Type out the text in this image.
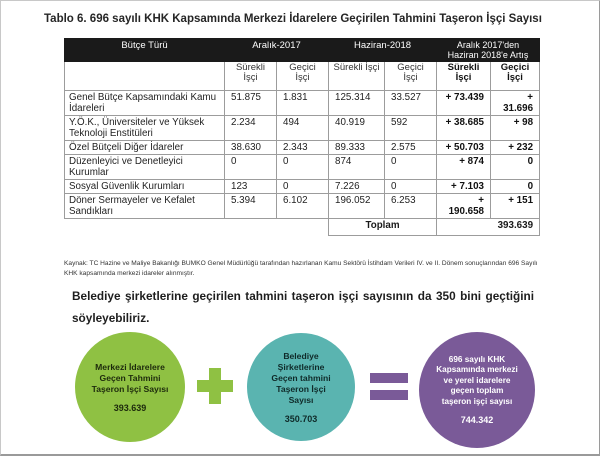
Tablo 6. 696 sayılı KHK Kapsamında Merkezi İdarelere Geçirilen Tahmini Taşeron İşçi Sayısı
Bütçe Türü	Aralık-2017		Haziran-2018		Aralık 2017'den
Haziran 2018'e Artış	
	Sürekli İşçi	Geçici İşçi	Sürekli İşçi	Geçici İşçi	Sürekli İşçi	Geçici İşçi
Genel Bütçe Kapsamındaki Kamu İdareleri	51.875	1.831	125.314	33.527	+ 73.439	+ 31.696
Y.Ö.K., Üniversiteler ve Yüksek Teknoloji Enstitüleri	2.234	494	40.919	592	+ 38.685	+ 98
Özel Bütçeli Diğer İdareler	38.630	2.343	89.333	2.575	+ 50.703	+ 232
Düzenleyici ve Denetleyici Kurumlar	0	0	874	0	+ 874	0
Sosyal Güvenlik Kurumları	123	0	7.226	0	+ 7.103	0
Döner Sermayeler ve Kefalet Sandıkları	5.394	6.102	196.052	6.253	+ 190.658	+ 151
			Toplam			393.639
Kaynak: TC Hazine ve Maliye Bakanlığı BUMKO Genel Müdürlüğü tarafından hazırlanan Kamu Sektörü İstihdam Verileri IV. ve II. Dönem sonuçlarından 696 Sayılı KHK kapsamında merkezi idareler alınmıştır.
Belediye şirketlerine geçirilen tahmini taşeron işçi sayısının da 350 bini geçtiğini söyleyebiliriz.
Merkezi İdarelere Geçen Tahmini Taşeron İşçi Sayısı
393.639
Belediye Şirketlerine Geçen tahmini Taşeron İşçi Sayısı
350.703
696 sayılı KHK Kapsamında merkezi ve yerel idarelere geçen toplam taşeron işçi sayısı
744.342
